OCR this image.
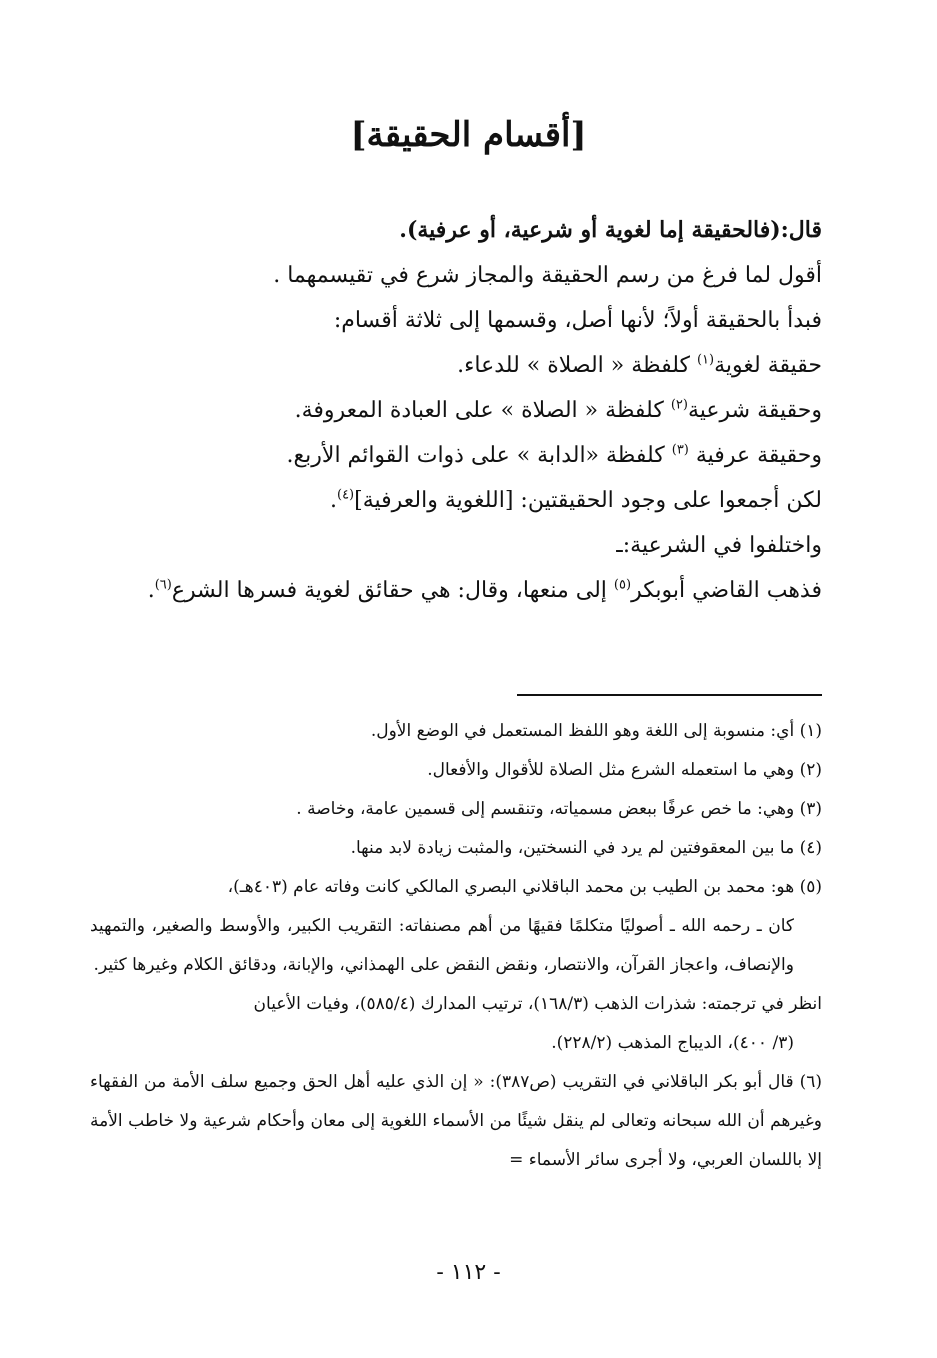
[أقسام الحقيقة]

قال:(فالحقيقة إما لغوية أو شرعية، أو عرفية).

أقول لما فرغ من رسم الحقيقة والمجاز شرع في تقيسمهما .

فبدأ بالحقيقة أولاً؛ لأنها أصل، وقسمها إلى ثلاثة أقسام:

حقيقة لغوية$^{(١)}$ كلفظة « الصلاة » للدعاء.

وحقيقة شرعية$^{(٢)}$ كلفظة « الصلاة » على العبادة المعروفة.

وحقيقة عرفية $^{(٣)}$ كلفظة «الدابة » على ذوات القوائم الأربع.

لكن أجمعوا على وجود الحقيقتين: [اللغوية والعرفية]$^{(٤)}$.

واختلفوا في الشرعية:ـ

فذهب القاضي أبوبكر$^{(٥)}$ إلى منعها، وقال: هي حقائق لغوية فسرها الشرع$^{(٦)}$.

(١) أي: منسوبة إلى اللغة وهو اللفظ المستعمل في الوضع الأول.

(٢) وهي ما استعمله الشرع مثل الصلاة للأقوال والأفعال.

(٣) وهي: ما خص عرفًا ببعض مسمياته، وتنقسم إلى قسمين عامة، وخاصة .

(٤) ما بين المعقوفتين لم يرد في النسختين، والمثبت زيادة لابد منها.

(٥) هو: محمد بن الطيب بن محمد الباقلاني البصري المالكي كانت وفاته عام (٤٠٣هـ)،

كان ـ رحمه الله ـ أصوليًا متكلمًا فقيهًا من أهم مصنفاته: التقريب الكبير، والأوسط والصغير، والتمهيد والإنصاف، واعجاز القرآن، والانتصار، ونقض النقض على الهمذاني، والإبانة، ودقائق الكلام وغيرها كثير.

انظر في ترجمته: شذرات الذهب (١٦٨/٣)، ترتيب المدارك (٥٨٥/٤)، وفيات الأعيان

(٣/ ٤٠٠)، الديباج المذهب (٢٢٨/٢).

(٦) قال أبو بكر الباقلاني في التقريب (ص٣٨٧): « إن الذي عليه أهل الحق وجميع سلف الأمة من الفقهاء وغيرهم أن الله سبحانه وتعالى لم ينقل شيئًا من الأسماء اللغوية إلى معان وأحكام شرعية ولا خاطب الأمة إلا باللسان العربي، ولا أجرى سائر الأسماء =

- ١١٢ -
